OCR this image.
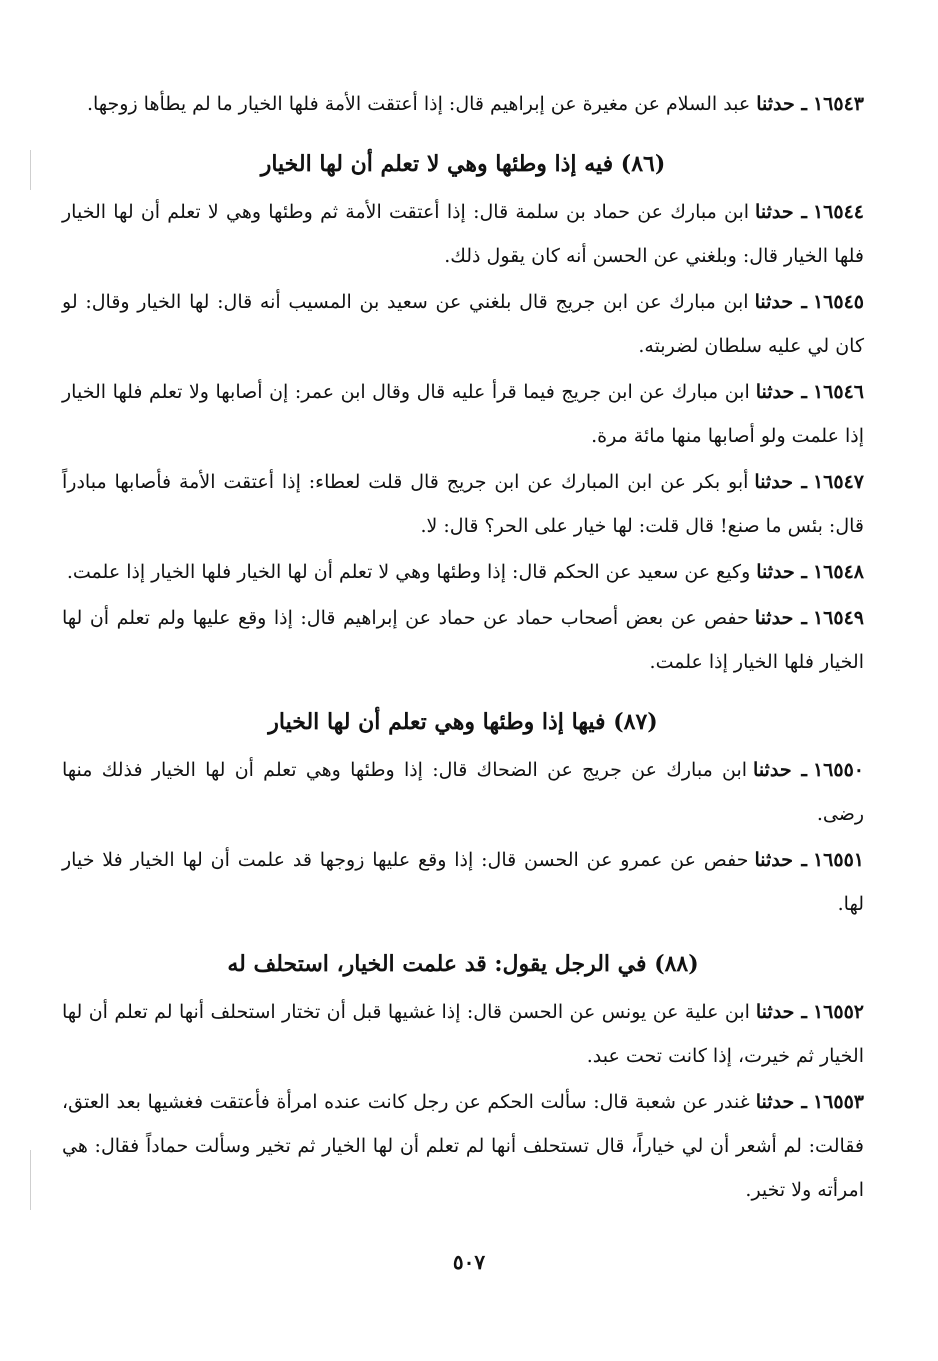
١٦٥٤٣ـ حدثناعبد السلام عن مغيرة عن إبراهيم قال: إذا أعتقت الأمة فلها الخيار ما لم يطأها زوجها.

(٨٦) فيه إذا وطئها وهي لا تعلم أن لها الخيار

١٦٥٤٤ـ حدثناابن مبارك عن حماد بن سلمة قال: إذا أعتقت الأمة ثم وطئها وهي لا تعلم أن لها الخيار فلها الخيار قال: وبلغني عن الحسن أنه كان يقول ذلك.

١٦٥٤٥ـ حدثناابن مبارك عن ابن جريج قال بلغني عن سعيد بن المسيب أنه قال: لها الخيار وقال: لو كان لي عليه سلطان لضربته.

١٦٥٤٦ـ حدثناابن مبارك عن ابن جريج فيما قرأ عليه قال وقال ابن عمر: إن أصابها ولا تعلم فلها الخيار إذا علمت ولو أصابها منها مائة مرة.

١٦٥٤٧ـ حدثناأبو بكر عن ابن المبارك عن ابن جريج قال قلت لعطاء: إذا أعتقت الأمة فأصابها مبادراً قال: بئس ما صنع! قال قلت: لها خيار على الحر؟ قال: لا.

١٦٥٤٨ـ حدثناوكيع عن سعيد عن الحكم قال: إذا وطئها وهي لا تعلم أن لها الخيار فلها الخيار إذا علمت.

١٦٥٤٩ـ حدثناحفص عن بعض أصحاب حماد عن حماد عن إبراهيم قال: إذا وقع عليها ولم تعلم أن لها الخيار فلها الخيار إذا علمت.

(٨٧) فيها إذا وطئها وهي تعلم أن لها الخيار

١٦٥٥٠ـ حدثناابن مبارك عن جريج عن الضحاك قال: إذا وطئها وهي تعلم أن لها الخيار فذلك منها رضى.

١٦٥٥١ـ حدثناحفص عن عمرو عن الحسن قال: إذا وقع عليها زوجها قد علمت أن لها الخيار فلا خيار لها.

(٨٨) في الرجل يقول: قد علمت الخيار، استحلف له

١٦٥٥٢ـ حدثناابن علية عن يونس عن الحسن قال: إذا غشيها قبل أن تختار استحلف أنها لم تعلم أن لها الخيار ثم خيرت، إذا كانت تحت عبد.

١٦٥٥٣ـ حدثناغندر عن شعبة قال: سألت الحكم عن رجل كانت عنده امرأة فأعتقت فغشيها بعد العتق، فقالت: لم أشعر أن لي خياراً، قال تستحلف أنها لم تعلم أن لها الخيار ثم تخير وسألت حماداً فقال: هي امرأته ولا تخير.

٥٠٧
